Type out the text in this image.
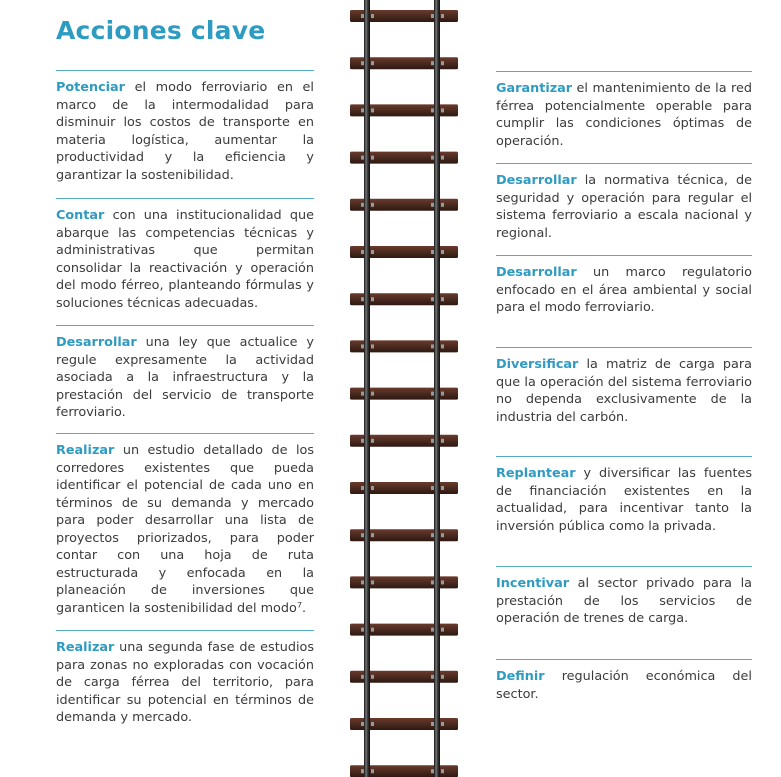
Acciones clave
Potenciar el modo ferroviario en el marco de la intermodalidad para disminuir los costos de transporte en materia logística, aumentar la productividad y la eficiencia y garantizar la sostenibilidad.
Contar con una institucionalidad que abarque las competencias técnicas y administrativas que permitan consolidar la reactivación y operación del modo férreo, planteando fórmulas y soluciones técnicas adecuadas.
Desarrollar una ley que actualice y regule expresamente la actividad asociada a la infraestructura y la prestación del servicio de transporte ferroviario.
Realizar un estudio detallado de los corredores existentes que pueda identificar el potencial de cada uno en términos de su demanda y mercado para poder desarrollar una lista de proyectos priorizados, para poder contar con una hoja de ruta estructurada y enfocada en la planeación de inversiones que garanticen la sostenibilidad del modo⁷.
Realizar una segunda fase de estudios para zonas no exploradas con vocación de carga férrea del territorio, para identificar su potencial en términos de demanda y mercado.
Garantizar el mantenimiento de la red férrea potencialmente operable para cumplir las condiciones óptimas de operación.
Desarrollar la normativa técnica, de seguridad y operación para regular el sistema ferroviario a escala nacional y regional.
Desarrollar un marco regulatorio enfocado en el área ambiental y social para el modo ferroviario.
Diversificar la matriz de carga para que la operación del sistema ferroviario no dependa exclusivamente de la industria del carbón.
Replantear y diversificar las fuentes de financiación existentes en la actualidad, para incentivar tanto la inversión pública como la privada.
Incentivar al sector privado para la prestación de los servicios de operación de trenes de carga.
Definir regulación económica del sector.
